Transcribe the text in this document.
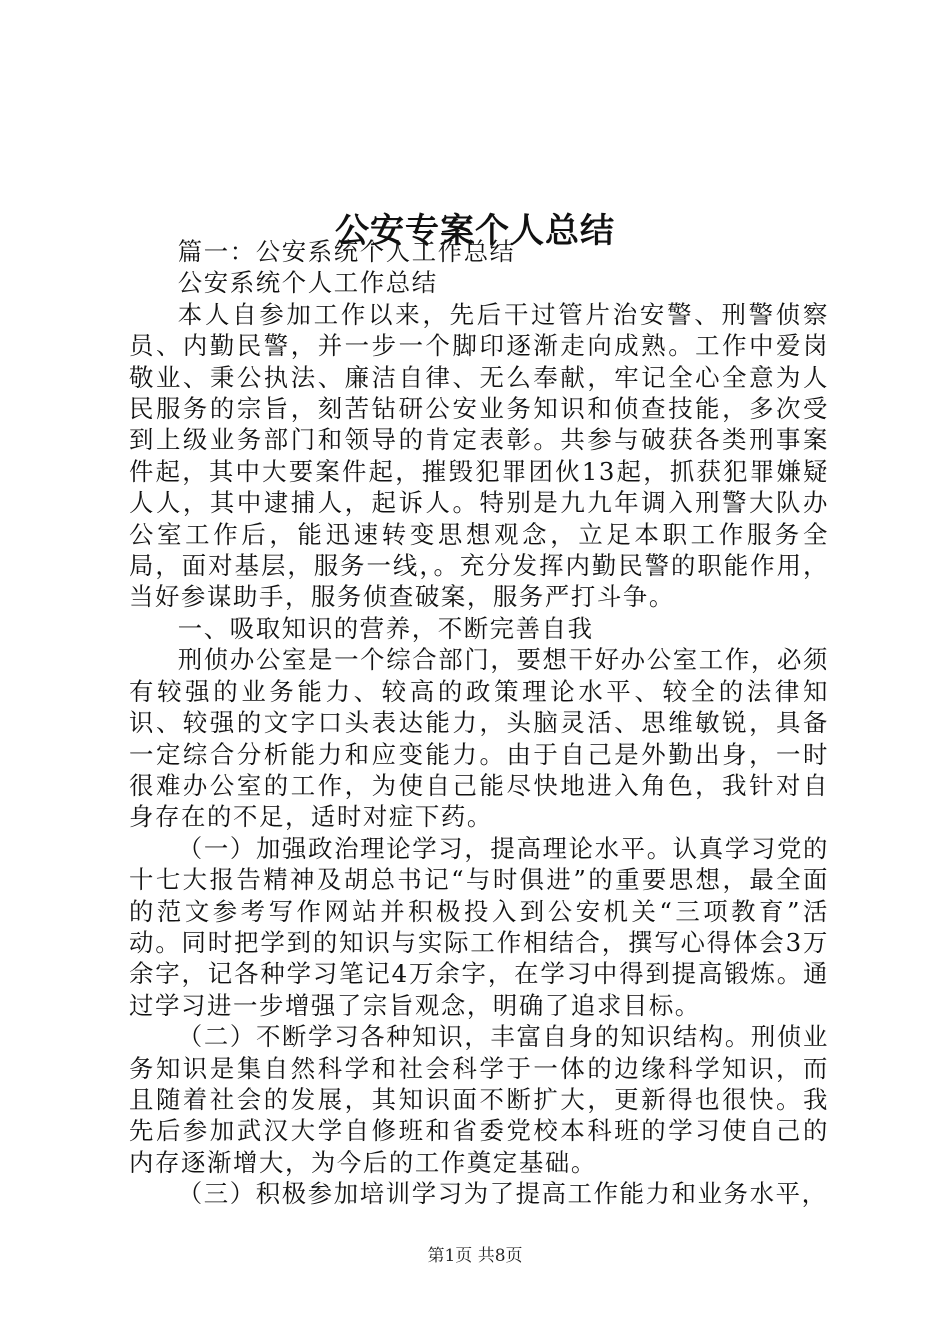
公安专案个人总结

篇一：公安系统个人工作总结

公安系统个人工作总结

本人自参加工作以来，先后干过管片治安警、刑警侦察员、内勤民警，并一步一个脚印逐渐走向成熟。工作中爱岗敬业、秉公执法、廉洁自律、无么奉献，牢记全心全意为人民服务的宗旨，刻苦钻研公安业务知识和侦查技能，多次受到上级业务部门和领导的肯定表彰。共参与破获各类刑事案件起，其中大要案件起，摧毁犯罪团伙13起，抓获犯罪嫌疑人人，其中逮捕人，起诉人。特别是九九年调入刑警大队办公室工作后，能迅速转变思想观念，立足本职工作服务全局，面对基层，服务一线，。充分发挥内勤民警的职能作用，当好参谋助手，服务侦查破案，服务严打斗争。

一、吸取知识的营养，不断完善自我

刑侦办公室是一个综合部门，要想干好办公室工作，必须有较强的业务能力、较高的政策理论水平、较全的法律知识、较强的文字口头表达能力，头脑灵活、思维敏锐，具备一定综合分析能力和应变能力。由于自己是外勤出身，一时很难办公室的工作，为使自己能尽快地进入角色，我针对自身存在的不足，适时对症下药。

（一）加强政治理论学习，提高理论水平。认真学习党的十七大报告精神及胡总书记“与时俱进”的重要思想，最全面的范文参考写作网站并积极投入到公安机关“三项教育”活动。同时把学到的知识与实际工作相结合，撰写心得体会3万余字，记各种学习笔记4万余字，在学习中得到提高锻炼。通过学习进一步增强了宗旨观念，明确了追求目标。

（二）不断学习各种知识，丰富自身的知识结构。刑侦业务知识是集自然科学和社会科学于一体的边缘科学知识，而且随着社会的发展，其知识面不断扩大，更新得也很快。我先后参加武汉大学自修班和省委党校本科班的学习使自己的内存逐渐增大，为今后的工作奠定基础。

（三）积极参加培训学习为了提高工作能力和业务水平，

第1页 共8页
